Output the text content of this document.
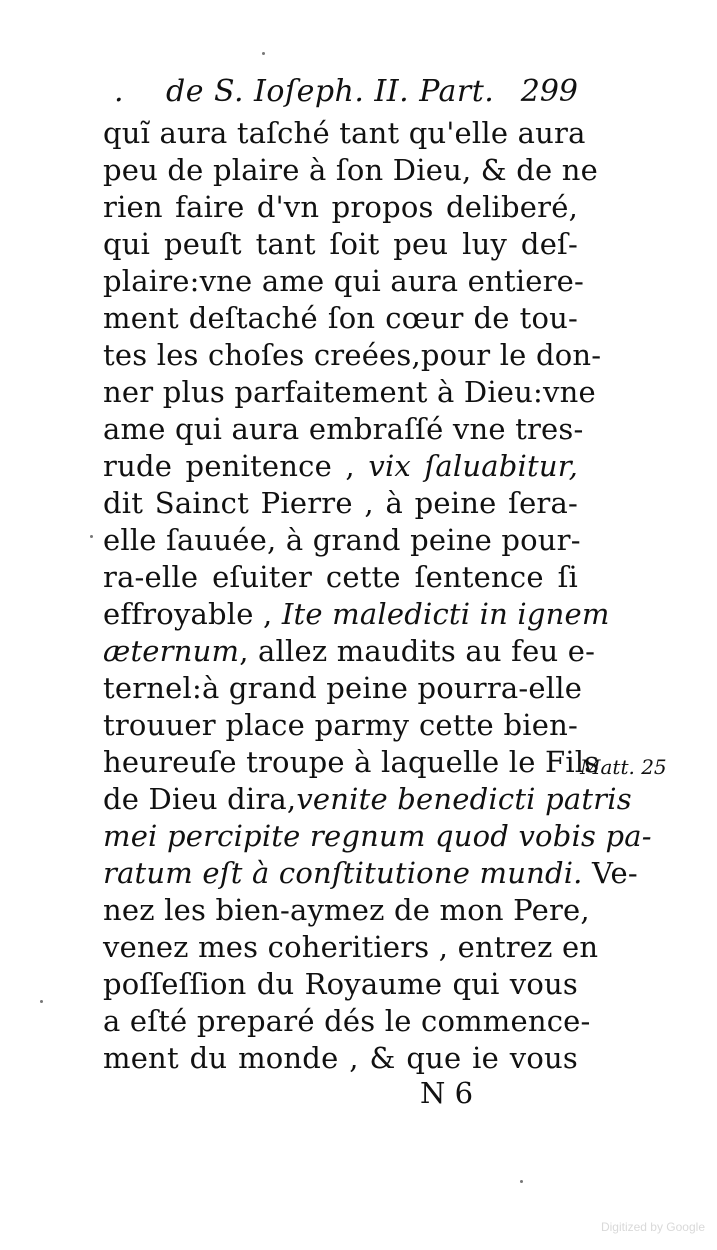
. de S. Ioſeph. II. Part. 299
quĩ aura taſché tant qu'elle aura
peu de plaire à ſon Dieu, & de ne
rien faire d'vn propos deliberé,
qui peuſt tant ſoit peu luy deſ-
plaire:vne ame qui aura entiere-
ment deſtaché ſon cœur de tou-
tes les choſes creées,pour le don-
ner plus parfaitement à Dieu:vne
ame qui aura embraſſé vne tres-
rude penitence , vix ſaluabitur,
dit Sainct Pierre , à peine ſera-
elle ſauuée, à grand peine pour-
ra-elle eſuiter cette ſentence ſi
effroyable , Ite maledicti in ignem
æternum, allez maudits au feu e-
ternel:à grand peine pourra-elle
trouuer place parmy cette bien-
heureuſe troupe à laquelle le Fils
de Dieu dira,venite benedicti patris
mei percipite regnum quod vobis pa-
ratum eſt à conſtitutione mundi. Ve-
nez les bien-aymez de mon Pere,
venez mes coheritiers , entrez en
poſſeſſion du Royaume qui vous
a eſté preparé dés le commence-
ment du monde , & que ie vous
Matt. 25
N 6
Digitized by Google
